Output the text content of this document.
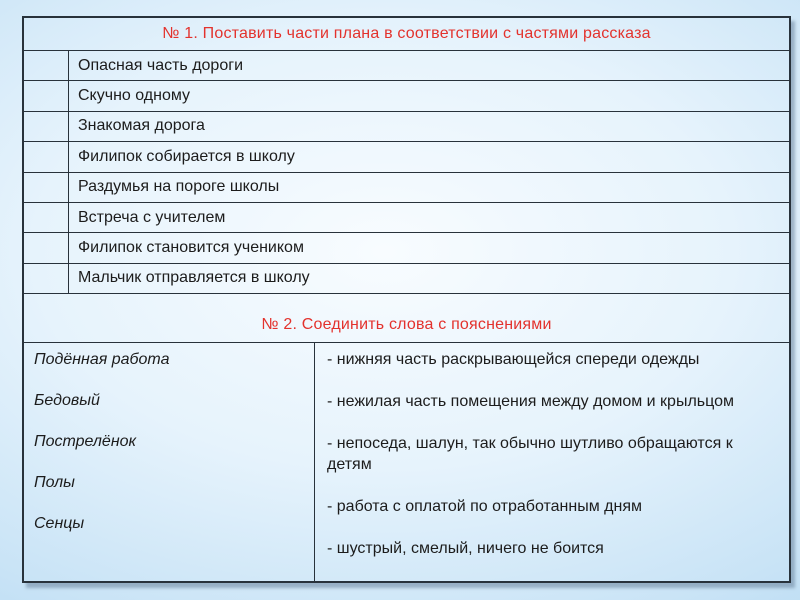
№ 1. Поставить части плана в соответствии с частями рассказа
Опасная часть дороги
Скучно одному
Знакомая дорога
Филипок собирается в школу
Раздумья на пороге школы
Встреча с учителем
Филипок становится учеником
Мальчик отправляется в школу
№ 2. Соединить слова с пояснениями

Подённая работа

Бедовый

Пострелёнок

Полы

Сенцы

- нижняя часть раскрывающейся спереди одежды

- нежилая часть помещения между домом и крыльцом

- непоседа, шалун, так обычно шутливо обращаются к детям

- работа с оплатой по отработанным дням

- шустрый, смелый, ничего не боится
